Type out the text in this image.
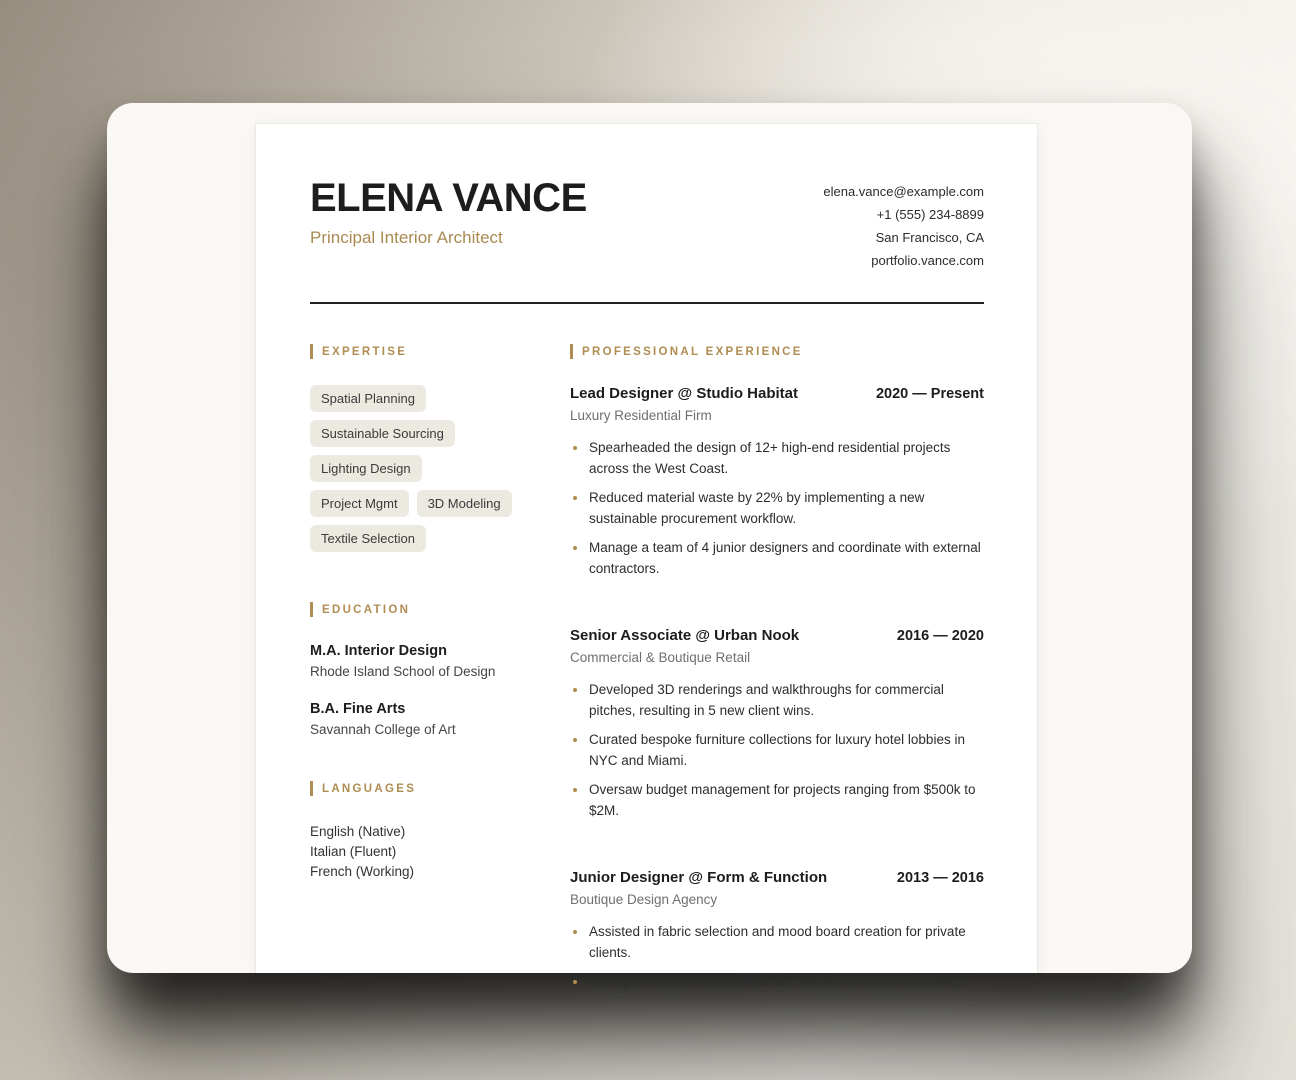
ELENA VANCE
Principal Interior Architect
elena.vance@example.com
+1 (555) 234-8899
San Francisco, CA
portfolio.vance.com
EXPERTISE
Spatial Planning
Sustainable Sourcing
Lighting Design
Project Mgmt	3D Modeling
Textile Selection
EDUCATION
M.A. Interior Design
Rhode Island School of Design
B.A. Fine Arts
Savannah College of Art
LANGUAGES
English (Native)
Italian (Fluent)
French (Working)
PROFESSIONAL EXPERIENCE
Lead Designer @ Studio Habitat	2020 — Present
Luxury Residential Firm
Spearheaded the design of 12+ high-end residential projects across the West Coast.
Reduced material waste by 22% by implementing a new sustainable procurement workflow.
Manage a team of 4 junior designers and coordinate with external contractors.
Senior Associate @ Urban Nook	2016 — 2020
Commercial & Boutique Retail
Developed 3D renderings and walkthroughs for commercial pitches, resulting in 5 new client wins.
Curated bespoke furniture collections for luxury hotel lobbies in NYC and Miami.
Oversaw budget management for projects ranging from $500k to $2M.
Junior Designer @ Form & Function	2013 — 2016
Boutique Design Agency
Assisted in fabric selection and mood board creation for private clients.
Managed vendor relationships and tracked furniture lead times.
